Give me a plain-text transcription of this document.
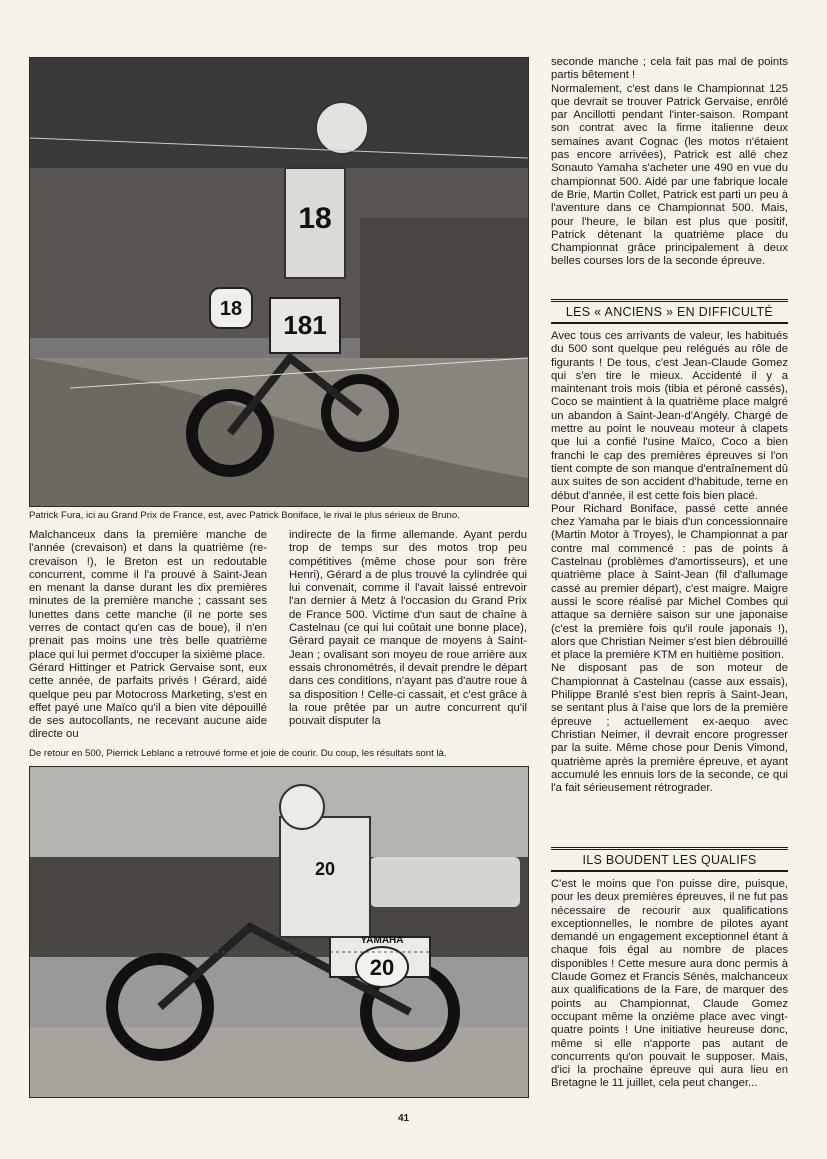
18
181
18
Patrick Fura, ici au Grand Prix de France, est, avec Patrick Boniface, le rival le plus sérieux de Bruno.

Malchanceux dans la première manche de l'année (crevaison) et dans la quatrième (re-crevaison !), le Breton est un redoutable concurrent, comme il l'a prouvé à Saint-Jean en menant la danse durant les dix premières minutes de la première manche ; cassant ses lunettes dans cette manche (il ne porte ses verres de contact qu'en cas de boue), il n'en prenait pas moins une très belle quatrième place qui lui permet d'occuper la sixième place.
Gérard Hittinger et Patrick Gervaise sont, eux cette année, de parfaits privés ! Gérard, aidé quelque peu par Motocross Marketing, s'est en effet payé une Maïco qu'il a bien vite dépouillé de ses autocollants, ne recevant aucune aide directe ou

indirecte de la firme allemande. Ayant perdu trop de temps sur des motos trop peu compétitives (même chose pour son frère Henri), Gérard a de plus trouvé la cylindrée qui lui convenait, comme il l'avait laissé entrevoir l'an dernier à Metz à l'occasion du Grand Prix de France 500. Victime d'un saut de chaîne à Castelnau (ce qui lui coûtait une bonne place), Gérard payait ce manque de moyens à Saint-Jean ; ovalisant son moyeu de roue arrière aux essais chronométrés, il devait prendre le départ dans ces conditions, n'ayant pas d'autre roue à sa disposition ! Celle-ci cassait, et c'est grâce à la roue prêtée par un autre concurrent qu'il pouvait disputer la

De retour en 500, Pierrick Leblanc a retrouvé forme et joie de courir. Du coup, les résultats sont là.
20
YAMAHA
20

seconde manche ; cela fait pas mal de points partis bêtement !
Normalement, c'est dans le Championnat 125 que devrait se trouver Patrick Gervaise, enrôlé par Ancillotti pendant l'inter-saison. Rompant son contrat avec la firme italienne deux semaines avant Cognac (les motos n'étaient pas encore arrivées), Patrick est allé chez Sonauto Yamaha s'acheter une 490 en vue du championnat 500. Aidé par une fabrique locale de Brie, Martin Collet, Patrick est parti un peu à l'aventure dans ce Championnat 500. Mais, pour l'heure, le bilan est plus que positif, Patrick détenant la quatrième place du Championnat grâce principalement à deux belles courses lors de la seconde épreuve.

LES « ANCIENS » EN DIFFICULTÉ

Avec tous ces arrivants de valeur, les habitués du 500 sont quelque peu relégués au rôle de figurants ! De tous, c'est Jean-Claude Gomez qui s'en tire le mieux. Accidenté il y a maintenant trois mois (tibia et péroné cassés), Coco se maintient à la quatrième place malgré un abandon à Saint-Jean-d'Angély. Chargé de mettre au point le nouveau moteur à clapets que lui a confié l'usine Maïco, Coco a bien franchi le cap des premières épreuves si l'on tient compte de son manque d'entraînement dû aux suites de son accident d'habitude, terne en début d'année, il est cette fois bien placé.
Pour Richard Boniface, passé cette année chez Yamaha par le biais d'un concessionnaire (Martin Motor à Troyes), le Championnat a par contre mal commencé : pas de points à Castelnau (problèmes d'amortisseurs), et une quatrième place à Saint-Jean (fil d'allumage cassé au premier départ), c'est maigre. Maigre aussi le score réalisé par Michel Combes qui attaque sa dernière saison sur une japonaise (c'est la première fois qu'il roule japonais !), alors que Christian Neimer s'est bien débrouillé et place la première KTM en huitième position.
Ne disposant pas de son moteur de Championnat à Castelnau (casse aux essais), Philippe Branlé s'est bien repris à Saint-Jean, se sentant plus à l'aise que lors de la première épreuve ; actuellement ex-aequo avec Christian Neimer, il devrait encore progresser par la suite. Même chose pour Denis Vimond, quatrième après la première épreuve, et ayant accumulé les ennuis lors de la seconde, ce qui l'a fait sérieusement rétrograder.

ILS BOUDENT LES QUALIFS

C'est le moins que l'on puisse dire, puisque, pour les deux premières épreuves, il ne fut pas nécessaire de recourir aux qualifications exceptionnelles, le nombre de pilotes ayant demandé un engagement exceptionnel étant à chaque fois égal au nombre de places disponibles ! Cette mesure aura donc permis à Claude Gomez et Francis Sénès, malchanceux aux qualifications de la Fare, de marquer des points au Championnat, Claude Gomez occupant même la onzième place avec vingt-quatre points ! Une initiative heureuse donc, même si elle n'apporte pas autant de concurrents qu'on pouvait le supposer. Mais, d'ici la prochaine épreuve qui aura lieu en Bretagne le 11 juillet, cela peut changer...

41
